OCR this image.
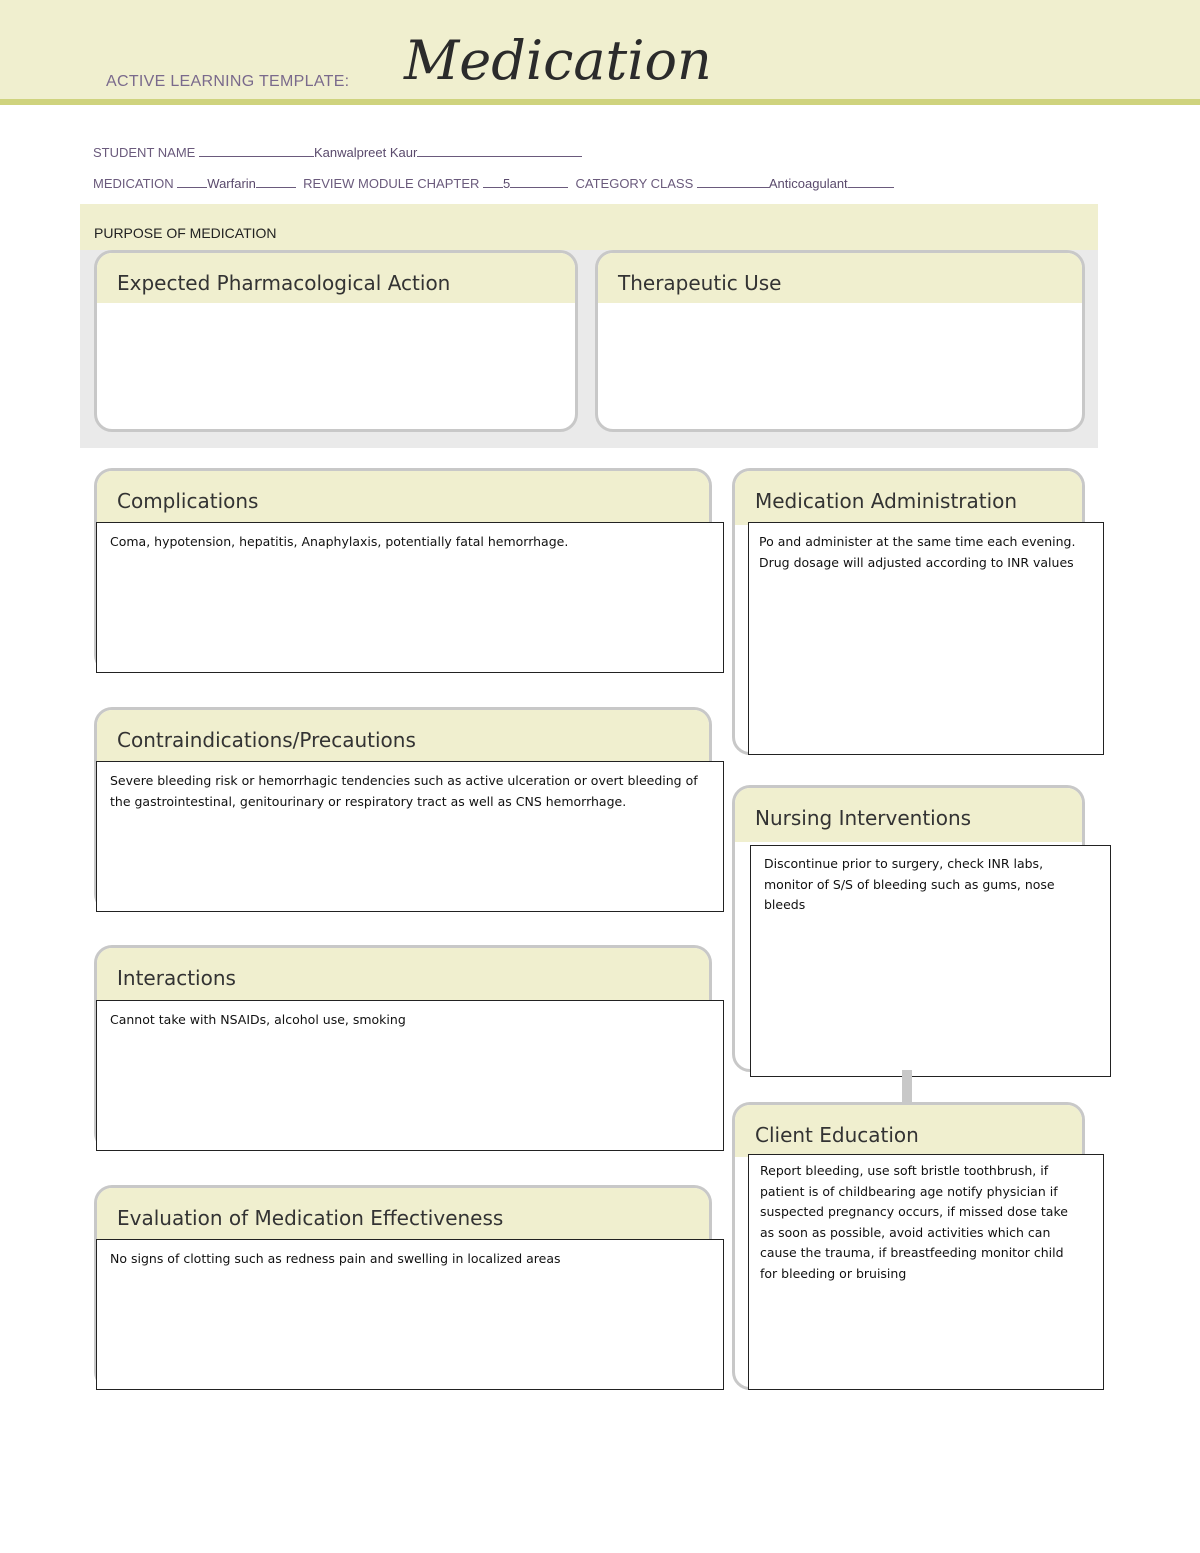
ACTIVE LEARNING TEMPLATE: Medication
STUDENT NAME	Kanwalpreet Kaur
MEDICATION	Warfarin	REVIEW MODULE CHAPTER 5	CATEGORY CLASS	Anticoagulant
PURPOSE OF MEDICATION
Expected Pharmacological Action	Therapeutic Use
Complications
Coma, hypotension, hepatitis, Anaphylaxis, potentially fatal hemorrhage.
Contraindications/Precautions
Severe bleeding risk or hemorrhagic tendencies such as active ulceration or overt bleeding of the gastrointestinal, genitourinary or respiratory tract as well as CNS hemorrhage.
Interactions
Cannot take with NSAIDs, alcohol use, smoking
Evaluation of Medication Effectiveness
No signs of clotting such as redness pain and swelling in localized areas
Medication Administration
Po and administer at the same time each evening. Drug dosage will adjusted according to INR values
Nursing Interventions
Discontinue prior to surgery, check INR labs, monitor of S/S of bleeding such as gums, nose bleeds
Client Education
Report bleeding, use soft bristle toothbrush, if patient is of childbearing age notify physician if suspected pregnancy occurs, if missed dose take as soon as possible, avoid activities which can cause the trauma, if breastfeeding monitor child for bleeding or bruising
